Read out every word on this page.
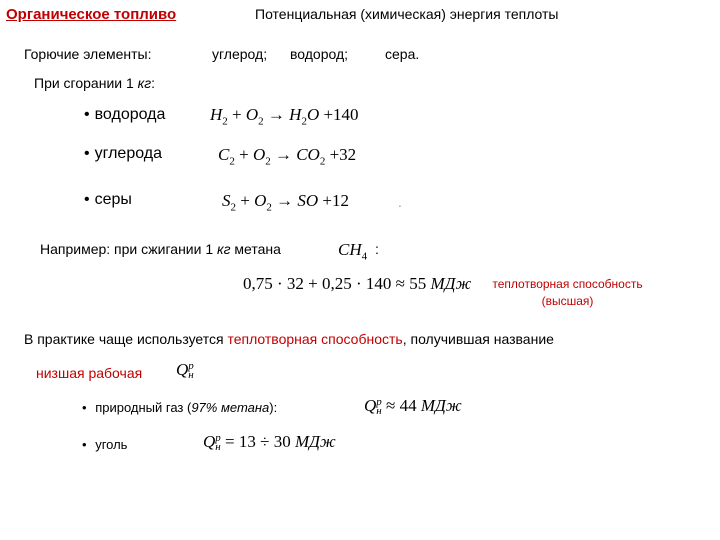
Органическое топливо	Потенциальная (химическая) энергия теплоты
Горючие элементы:	углерод; водород;	сера.
При сгорании 1 кг:
• водорода	$H_2 + O_2 \to H_2O +140$
• углерода	$C_2 + O_2 \to CO_2 +32$
• серы	$S_2 + O_2$ → SO +12	.
Например: при сжигании 1 кг метана	$CH_4$ :
0,75 · 32 + 0,25 · 140 ≈ 55 МДж	теплотворная способность
(высшая)
В практике чаще используется теплотворная способность, получившая название
низшая рабочая Q р
н
• природный газ (97% метана):	Q р
н ≈ 44 МДж
• уголь	Q р
н = 13 ÷ 30 МДж
